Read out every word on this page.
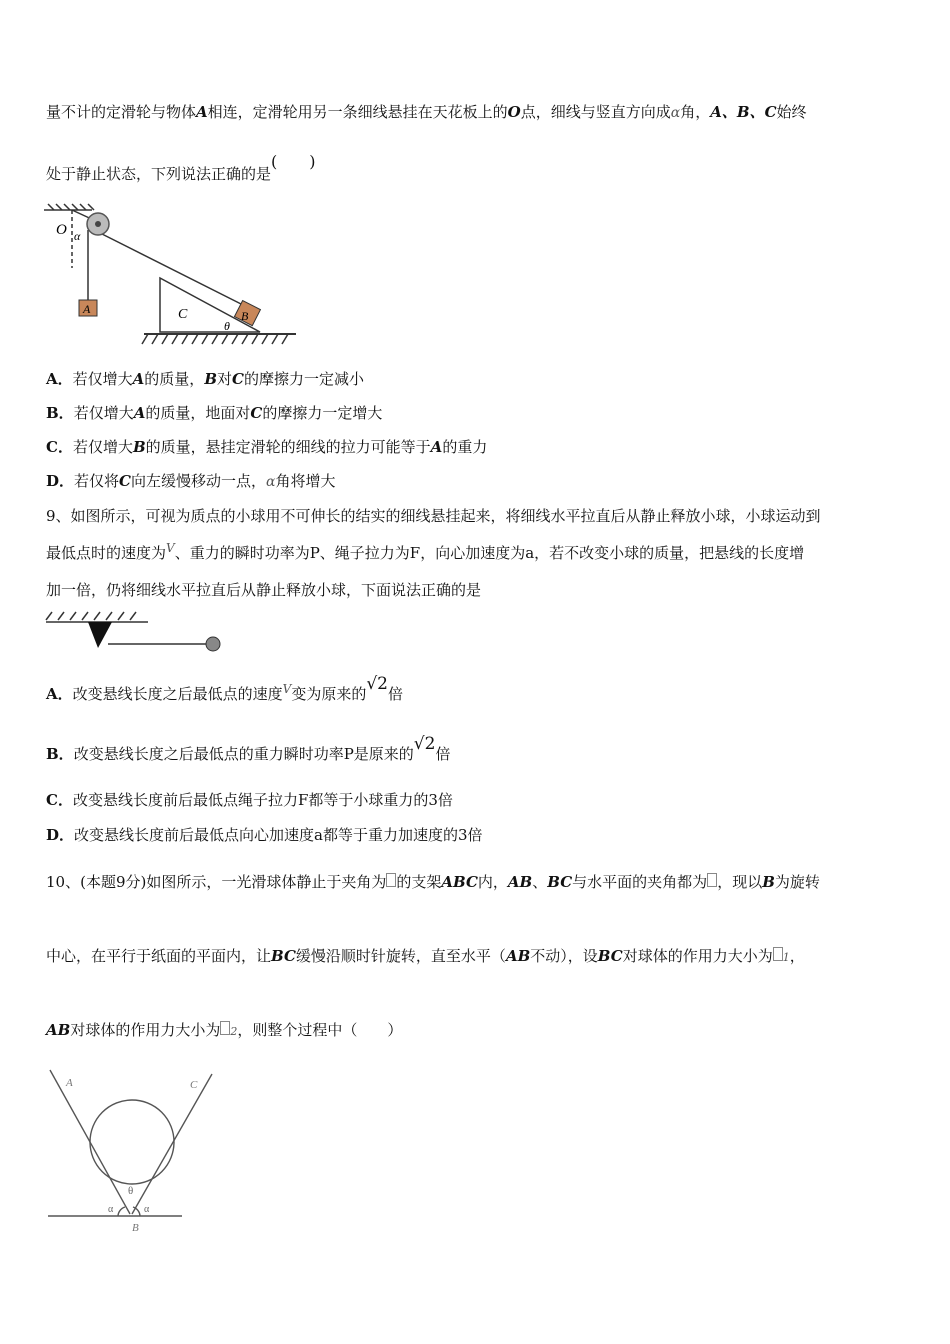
量不计的定滑轮与物体A相连，定滑轮用另一条细线悬挂在天花板上的O点，细线与竖直方向成α角，A、B、C始终
处于静止状态，下列说法正确的是(　　)
O α
A	B
C
θ
A．若仅增大A的质量，B对C的摩擦力一定减小
B．若仅增大A的质量，地面对C的摩擦力一定增大
C．若仅增大B的质量，悬挂定滑轮的细线的拉力可能等于A的重力
D．若仅将C向左缓慢移动一点，α角将增大
9、如图所示，可视为质点的小球用不可伸长的结实的细线悬挂起来，将细线水平拉直后从静止释放小球，小球运动到
最低点时的速度为$^V$、重力的瞬时功率为P、绳子拉力为F，向心加速度为a，若不改变小球的质量，把悬线的长度增
加一倍，仍将细线水平拉直后从静止释放小球，下面说法正确的是
A．改变悬线长度之后最低点的速度$^V$变为原来的√2倍
B．改变悬线长度之后最低点的重力瞬时功率P是原来的√2倍
C．改变悬线长度前后最低点绳子拉力F都等于小球重力的3倍
D．改变悬线长度前后最低点向心加速度a都等于重力加速度的3倍
10、(本题9分)如图所示，一光滑球体静止于夹角为 的支架ABC内，AB、BC与水平面的夹角都为 ，现以B为旋转
中心，在平行于纸面的平面内，让BC缓慢沿顺时针旋转，直至水平（AB不动），设BC对球体的作用力大小为 1，
AB对球体的作用力大小为 2，则整个过程中（　　）
A	C
θ
α	α
B
